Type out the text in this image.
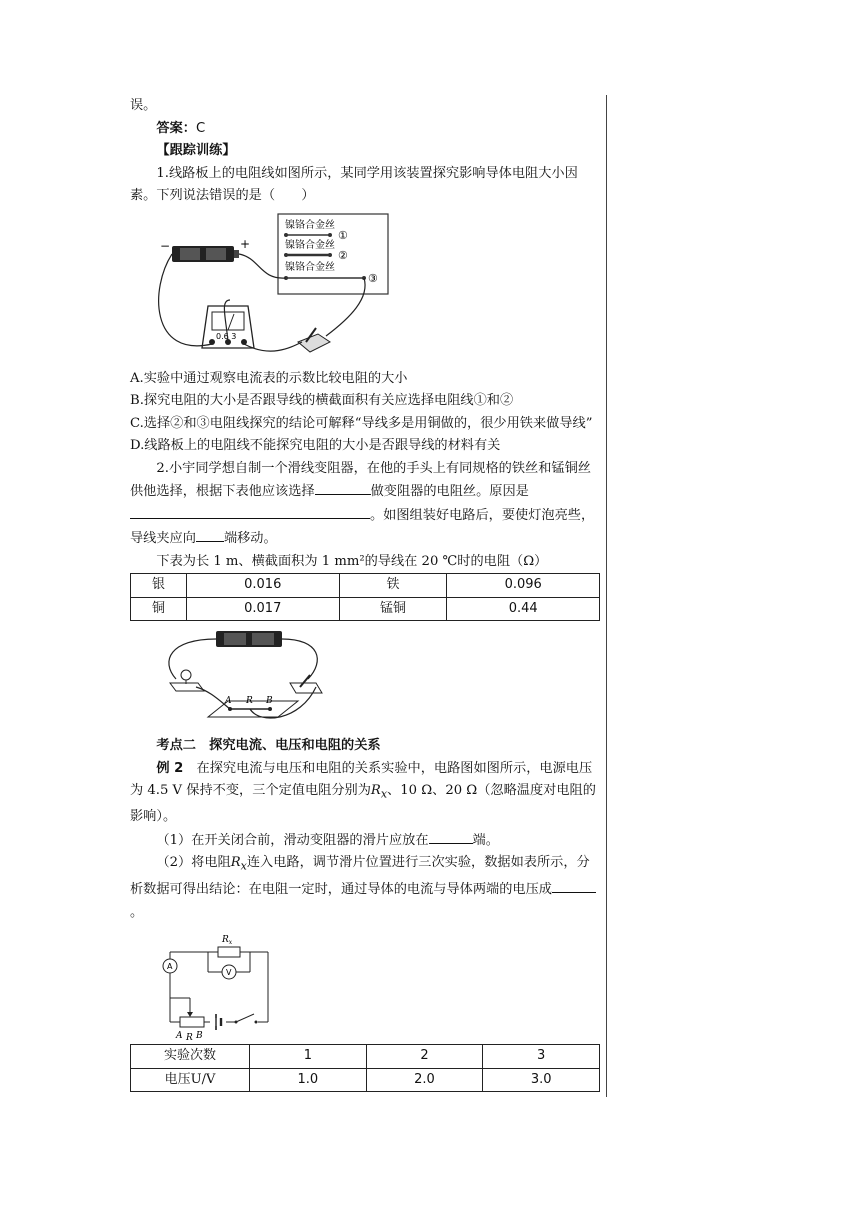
误。

答案：C

【跟踪训练】

1.线路板上的电阻线如图所示，某同学用该装置探究影响导体电阻大小因素。下列说法错误的是（　　）

镍铬合金丝
①
镍铬合金丝
②
镍铬合金丝
③
−	+
0.6 3

A.实验中通过观察电流表的示数比较电阻的大小

B.探究电阻的大小是否跟导线的横截面积有关应选择电阻线①和②

C.选择②和③电阻线探究的结论可解释“导线多是用铜做的，很少用铁来做导线”

D.线路板上的电阻线不能探究电阻的大小是否跟导线的材料有关

2.小宇同学想自制一个滑线变阻器，在他的手头上有同规格的铁丝和锰铜丝供他选择，根据下表他应该选择	做变阻器的电阻丝。原因是。如图组装好电路后，要使灯泡亮些，导线夹应向 端移动。

下表为长 1 m、横截面积为 1 mm²的导线在 20 ℃时的电阻（Ω）

银	0.016	铁	0.096
铜	0.017	锰铜	0.44
A R B

考点二　探究电流、电压和电阻的关系

例 2　 在探究电流与电压和电阻的关系实验中，电路图如图所示，电源电压为 4.5 V 保持不变，三个定值电阻分别为$R_x$、10 Ω、20 Ω（忽略温度对电阻的影响）。

（1）在开关闭合前，滑动变阻器的滑片应放在	端。

（2）将电阻$R_x$连入电路，调节滑片位置进行三次实验，数据如表所示，分析数据可得出结论：在电阻一定时，通过导体的电流与导体两端的电压成。

$R_x$
A
V
A R B
实验次数	1	2	3
电压U/V	1.0	2.0	3.0
